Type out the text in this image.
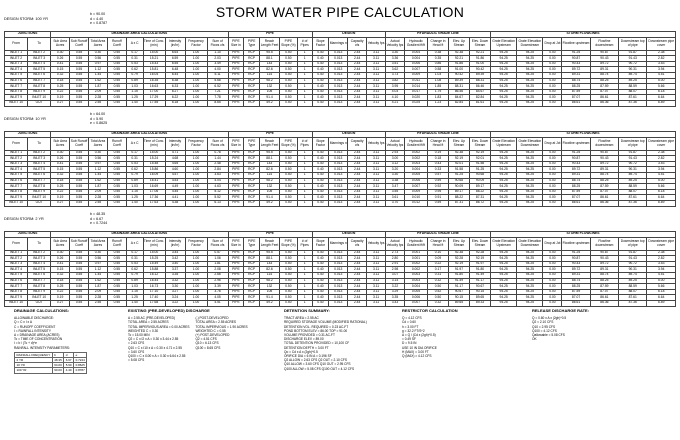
STORM WATER PIPE CALCULATION
DESIGN STORM: 100 YR
b = 90.00
d = 4.40
e = 0.8787
JUNCTIONS		DRAINAGE AREA CALCULATIONS									PIPE					DESIGN				HYDRAULIC GRADE LINE					STORM FLOWLINES						
From	To	Sub Area Acres	Sub Runoff Coeff	Total Area Acres	Runoff Coeff	A x C	Time of Conc. (min)	Intensity (in/hr)	Frequency Factor	Sum of Flows cfs	PIPE Size in	PIPE Type	Reach Length Feet	PIPE Slope (%)	# of Pipes	Slope Factor	Mannings n	Capacity cfs	Velocity fps	Actual Velocity fps	Hydraulic Gradient ft/ft	Change in Head ft	Elev. Up Stream	Elev. Down Stream	Grate Elevation Upstream	Grate Elevation Downstream	Drop at Jct	Flowline upstream	Flowline downstream	Downstream top of pipe	Downstream pipe cover
INLET 1	INLET 2	0.30	0.55	0.30	0.55	0.17	15.00	6.64	1.00	1.10	PIPE	RCP	95.5	0.50	1	0.40	0.013	2.44	3.11	3.30	0.004	0.38	92.38	92.21	94.25	94.25	0.00	91.25	90.87	91.87	2.38
INLET 2	INLET 3	0.26	0.55	0.56	0.55	0.31	15.21	6.59	1.00	2.03	PIPE	RCP	88.1	0.50	1	0.40	0.013	2.44	3.11	3.36	0.004	0.35	92.21	91.86	94.25	94.25	0.00	90.87	90.43	91.43	2.82
INLET 3	INLET 4	0.41	0.55	0.97	0.55	0.53	15.43	6.55	1.00	3.49	PIPE	RCP	143	0.50	1	0.40	0.013	2.44	3.11	3.51	0.006	0.86	91.86	91.00	94.25	94.25	0.00	90.43	89.72	90.72	3.53
INLET 4	INLET 5	0.15	0.55	1.12	0.55	0.62	15.81	6.48	1.00	4.00	PIPE	RCP	82.6	0.50	1	0.40	0.013	2.44	3.11	3.62	0.007	0.58	91.00	90.42	94.25	94.25	0.00	89.72	89.31	90.31	3.94
INLET 5	INLET 6	0.32	0.55	1.44	0.55	0.79	16.04	6.44	1.00	5.11	PIPE	RCP	114	0.50	1	0.40	0.013	2.44	3.11	3.73	0.009	1.03	90.42	89.39	94.25	94.25	0.00	89.31	88.74	89.74	4.51
INLET 6	INLET 7	0.18	0.55	1.62	0.55	0.89	16.35	6.38	1.00	5.68	PIPE	RCP	98.2	0.50	1	0.40	0.013	2.44	3.11	3.82	0.011	1.08	89.39	88.31	94.25	94.25	0.00	88.74	88.25	89.25	5.00
INLET 7	INLET 8	0.25	0.55	1.87	0.55	1.03	16.63	6.33	1.00	6.52	PIPE	RCP	132	0.50	1	0.40	0.013	2.44	3.11	3.95	0.014	1.85	88.31	86.46	94.25	94.25	0.00	88.25	87.59	88.59	5.66
INLET 8	INLET 9	0.22	0.55	2.09	0.55	1.15	17.00	6.27	1.00	7.21	PIPE	RCP	105	0.50	1	0.40	0.013	2.44	3.11	4.03	0.017	1.79	86.46	84.67	94.25	94.25	0.00	87.59	87.07	88.07	6.18
INLET 9	INLET 10	0.19	0.55	2.28	0.55	1.25	17.29	6.22	1.00	7.78	PIPE	RCP	91.4	0.50	1	0.40	0.013	2.44	3.11	4.10	0.020	1.83	84.67	82.84	94.25	94.25	0.00	87.07	86.61	87.61	6.64
INLET 10	OUT	0.27	0.55	2.55	0.55	1.40	17.55	6.18	1.00	8.65	PIPE	RCP	49.2	0.50	1	0.40	0.013	2.44	3.11	4.21	0.025	1.23	82.84	81.61	94.25	94.25	0.00	86.61	86.36	87.36	6.89
DESIGN STORM: 10 YR
b = 64.00
d = 5.90
e = 0.8625
JUNCTIONS		DRAINAGE AREA CALCULATIONS									PIPE					DESIGN				HYDRAULIC GRADE LINE					STORM FLOWLINES						
From	To	Sub Area Acres	Sub Runoff Coeff	Total Area Acres	Runoff Coeff	A x C	Time of Conc. (min)	Intensity (in/hr)	Frequency Factor	Sum of Flows cfs	PIPE Size in	PIPE Type	Reach Length Feet	PIPE Slope (%)	# of Pipes	Slope Factor	Mannings n	Capacity cfs	Velocity fps	Actual Velocity fps	Hydraulic Gradient ft/ft	Change in Head ft	Elev. Up Stream	Elev. Down Stream	Grate Elevation Upstream	Grate Elevation Downstream	Drop at Jct	Flowline upstream	Flowline downstream	Downstream top of pipe	Downstream pipe cover
INLET 1	INLET 2	0.30	0.55	0.30	0.55	0.17	15.00	4.71	1.00	0.78	PIPE	RCP	95.5	0.50	1	0.40	0.013	2.44	3.11	2.93	0.002	0.19	92.38	92.19	94.25	94.25	0.00	91.25	90.87	91.87	2.38
INLET 2	INLET 3	0.26	0.55	0.56	0.55	0.31	15.24	4.68	1.00	1.44	PIPE	RCP	88.1	0.50	1	0.40	0.013	2.44	3.11	3.00	0.002	0.18	92.19	92.01	94.25	94.25	0.00	90.87	90.43	91.43	2.82
INLET 3	INLET 4	0.41	0.55	0.97	0.55	0.53	15.48	4.65	1.00	2.48	PIPE	RCP	143	0.50	1	0.40	0.013	2.44	3.11	3.12	0.003	0.43	92.01	91.58	94.25	94.25	0.00	90.43	89.72	90.72	3.53
INLET 4	INLET 5	0.15	0.55	1.12	0.55	0.62	15.86	4.60	1.00	2.84	PIPE	RCP	82.6	0.50	1	0.40	0.013	2.44	3.11	3.20	0.004	0.33	91.58	91.25	94.25	94.25	0.00	89.72	89.31	90.31	3.94
INLET 5	INLET 6	0.32	0.55	1.44	0.55	0.79	16.09	4.57	1.00	3.63	PIPE	RCP	114	0.50	1	0.40	0.013	2.44	3.11	3.30	0.005	0.57	91.25	90.68	94.25	94.25	0.00	89.31	88.74	89.74	4.51
INLET 6	INLET 7	0.18	0.55	1.62	0.55	0.89	16.41	4.53	1.00	4.04	PIPE	RCP	98.2	0.50	1	0.40	0.013	2.44	3.11	3.38	0.006	0.59	90.68	90.09	94.25	94.25	0.00	88.74	88.25	89.25	5.00
INLET 7	INLET 8	0.25	0.55	1.87	0.55	1.03	16.69	4.49	1.00	4.63	PIPE	RCP	132	0.50	1	0.40	0.013	2.44	3.11	3.47	0.007	0.92	90.09	89.17	94.25	94.25	0.00	88.25	87.59	88.59	5.66
INLET 8	INLET 9	0.22	0.55	2.09	0.55	1.15	17.06	4.45	1.00	5.12	PIPE	RCP	105	0.50	1	0.40	0.013	2.44	3.11	3.55	0.009	0.95	89.17	88.22	94.25	94.25	0.00	87.59	87.07	88.07	6.18
INLET 9	INLET 10	0.19	0.55	2.28	0.55	1.25	17.36	4.41	1.00	5.52	PIPE	RCP	91.4	0.50	1	0.40	0.013	2.44	3.11	3.61	0.010	0.91	88.22	87.31	94.25	94.25	0.00	87.07	86.61	87.61	6.64
INLET 10	OUT	0.27	0.55	2.55	0.55	1.40	17.63	4.38	1.00	6.13	PIPE	RCP	49.2	0.50	1	0.40	0.013	2.44	3.11	3.70	0.012	0.59	87.31	86.72	94.25	94.25	0.00	86.61	86.36	87.36	6.89
DESIGN STORM: 2 YR
b = 48.35
d = 6.67
e = 0.7244
JUNCTIONS		DRAINAGE AREA CALCULATIONS									PIPE					DESIGN				HYDRAULIC GRADE LINE					STORM FLOWLINES						
From	To	Sub Area Acres	Sub Runoff Coeff	Total Area Acres	Runoff Coeff	A x C	Time of Conc. (min)	Intensity (in/hr)	Frequency Factor	Sum of Flows cfs	PIPE Size in	PIPE Type	Reach Length Feet	PIPE Slope (%)	# of Pipes	Slope Factor	Mannings n	Capacity cfs	Velocity fps	Actual Velocity fps	Hydraulic Gradient ft/ft	Change in Head ft	Elev. Up Stream	Elev. Down Stream	Grate Elevation Upstream	Grate Elevation Downstream	Drop at Jct	Flowline upstream	Flowline downstream	Downstream top of pipe	Downstream pipe cover
INLET 1	INLET 2	0.30	0.55	0.30	0.55	0.17	15.00	3.44	1.00	0.57	PIPE	RCP	95.5	0.50	1	0.40	0.013	2.44	3.11	2.73	0.001	0.10	92.38	92.28	94.25	94.25	0.00	91.25	90.87	91.87	2.38
INLET 2	INLET 3	0.26	0.55	0.56	0.55	0.31	15.25	3.42	1.00	1.06	PIPE	RCP	88.1	0.50	1	0.40	0.013	2.44	3.11	2.80	0.001	0.09	92.28	92.19	94.25	94.25	0.00	90.87	90.43	91.43	2.82
INLET 3	INLET 4	0.41	0.55	0.97	0.55	0.53	15.49	3.40	1.00	1.81	PIPE	RCP	143	0.50	1	0.40	0.013	2.44	3.11	2.91	0.002	0.22	92.19	91.97	94.25	94.25	0.00	90.43	89.72	90.72	3.53
INLET 4	INLET 5	0.15	0.55	1.12	0.55	0.62	15.88	3.37	1.00	2.08	PIPE	RCP	82.6	0.50	1	0.40	0.013	2.44	3.11	2.98	0.002	0.17	91.97	91.80	94.25	94.25	0.00	89.72	89.31	90.31	3.94
INLET 5	INLET 6	0.32	0.55	1.44	0.55	0.79	16.12	3.35	1.00	2.66	PIPE	RCP	114	0.50	1	0.40	0.013	2.44	3.11	3.07	0.003	0.31	91.80	91.49	94.25	94.25	0.00	89.31	88.74	89.74	4.51
INLET 6	INLET 7	0.18	0.55	1.62	0.55	0.89	16.44	3.32	1.00	2.96	PIPE	RCP	98.2	0.50	1	0.40	0.013	2.44	3.11	3.14	0.003	0.32	91.49	91.17	94.25	94.25	0.00	88.74	88.25	89.25	5.00
INLET 7	INLET 8	0.25	0.55	1.87	0.55	1.03	16.73	3.30	1.00	3.39	PIPE	RCP	132	0.50	1	0.40	0.013	2.44	3.11	3.22	0.004	0.50	91.17	90.67	94.25	94.25	0.00	88.25	87.59	88.59	5.66
INLET 8	INLET 9	0.22	0.55	2.09	0.55	1.15	17.10	3.27	1.00	3.76	PIPE	RCP	105	0.50	1	0.40	0.013	2.44	3.11	3.29	0.005	0.52	90.67	90.15	94.25	94.25	0.00	87.59	87.07	88.07	6.18
INLET 9	INLET 10	0.19	0.55	2.28	0.55	1.25	17.40	3.24	1.00	4.05	PIPE	RCP	91.4	0.50	1	0.40	0.013	2.44	3.11	3.35	0.006	0.50	90.15	89.65	94.25	94.25	0.00	87.07	86.61	87.61	6.64
INLET 10	OUT	0.27	0.55	2.55	0.55	1.40	17.68	3.22	1.00	4.51	PIPE	RCP	49.2	0.50	1	0.40	0.013	2.44	3.11	3.43	0.007	0.32	89.65	89.33	94.25	94.25	0.00	86.61	86.36	87.36	6.89
DRAINAGE CALCULATIONS:
ALLOWABLE DISCHARGE:
Q = C x I x A
C = RUNOFF COEFFICIENT
I = RAINFALL INTENSITY
A = DRAINAGE AREA (ACRES)
Tc = TIME OF CONCENTRATION
I = b / (Tc + d)^e
RAINFALL INTENSITY PARAMETERS:
RAINFALL FREQUENCY	b	d	e
2 YR	48.35	6.67	0.7244
10 YR	64.00	5.90	0.8625
100 YR	90.00	4.40	0.8787
EXISTING (PRE-DEVELOPED) DISCHARGE
A = 2.55 AC (PRE-DEVELOPED)
TOTAL AREA = 2.55 ACRES
TOTAL IMPERVIOUS AREA = 0.00 ACRES
WEIGHTED C = 0.30
Tc = 15.00 MIN
Q2 = C x I2 x A = 0.30 x 3.44 x 2.55
= 2.63 CFS
Q10 = C x I10 x A = 0.30 x 4.71 x 2.55
= 3.60 CFS
Q100 = C x I100 x A = 0.30 x 6.64 x 2.55
= 5.08 CFS
(-) POST-DEVELOPED
TOTAL AREA = 2.55 ACRES
TOTAL IMPERVIOUS = 1.90 ACRES
WEIGHTED C = 0.55
(+) POST-DEVELOPED
Q2 = 4.51 CFS
Q10 = 6.13 CFS
Q100 = 8.65 CFS
DETENTION SUMMARY:
TRACT AREA = 2.55 AC
REQUIRED STORAGE VOLUME (MODIFIED RATIONAL)
DETENTION VOL. REQUIRED = 0.23 AC-FT
POND BOTTOM ELEV = 86.00 TOP = 91.00
VOLUME PROVIDED = 0.31 AC-FT
DISCHARGE ELEV = 89.00
TOTAL DETENTION PROVIDED = 10,100 CF
DETENTION DEPTH = 3.00 FT
Qo = Cd x A x (2gh)^0.5
ORIFICE DIA = 6 IN A = 0.196 SF
Q2 ALLOW = 2.63 CFS Q2 OUT = 2.10 CFS
Q10 ALLOW = 3.60 CFS Q10 OUT = 2.95 CFS
Q100 ALLOW = 5.08 CFS Q100 OUT = 4.12 CFS
RESTRICTOR CALCULATION
Q = 4.12 CFS
Cd = 0.60
h = 3.00 FT
g = 32.2 FT/S^2
A = Q / (Cd x (2gh)^0.5)
= 0.49 SF
D = 9.5 IN
USE 10 IN DIA ORIFICE
H (MAX) = 3.00 FT
Q (MAX) = 4.12 CFS
RELEASE DISCHARGE RATE:
Q = 0.60 x A x (2gh)^0.5
Q2 = 2.10 CFS
Q10 = 2.95 CFS
Q100 = 4.12 CFS
Qallowable = 5.08 CFS
OK
